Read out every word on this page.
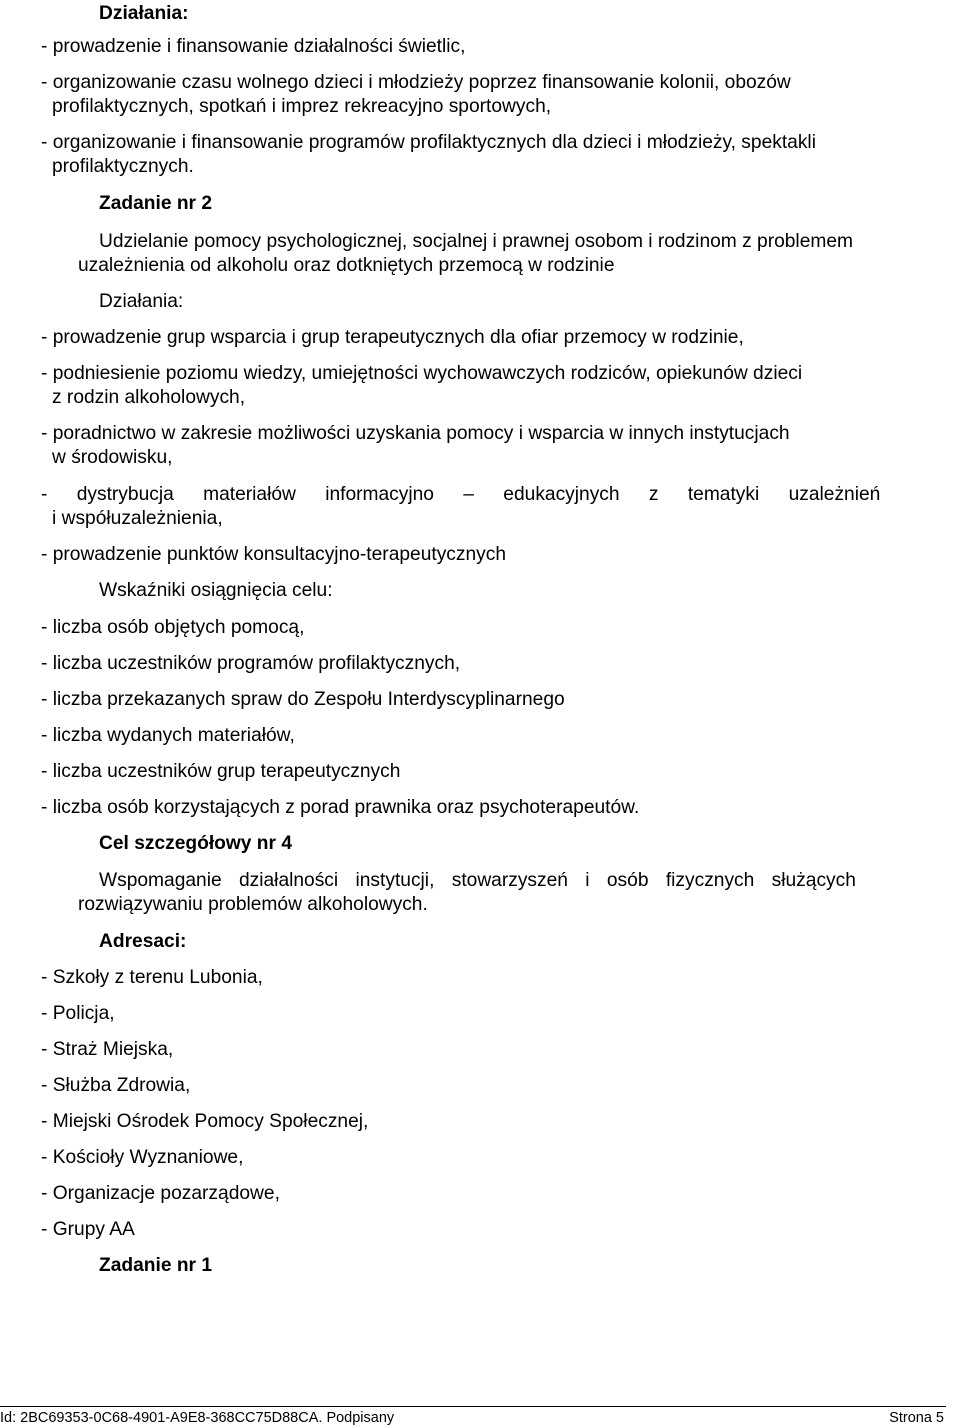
Działania:
- prowadzenie i finansowanie działalności świetlic,
- organizowanie czasu wolnego dzieci i młodzieży poprzez finansowanie kolonii, obozów
profilaktycznych, spotkań i imprez rekreacyjno sportowych,
- organizowanie i finansowanie programów profilaktycznych dla dzieci i młodzieży, spektakli
profilaktycznych.
Zadanie nr 2
Udzielanie pomocy psychologicznej, socjalnej i prawnej osobom i rodzinom z problemem
uzależnienia od alkoholu oraz dotkniętych przemocą w rodzinie
Działania:
- prowadzenie grup wsparcia i grup terapeutycznych dla ofiar przemocy w rodzinie,
- podniesienie poziomu wiedzy, umiejętności wychowawczych rodziców, opiekunów dzieci
z rodzin alkoholowych,
- poradnictwo w zakresie możliwości uzyskania pomocy i wsparcia w innych instytucjach
w środowisku,
- dystrybucja materiałów informacyjno – edukacyjnych z tematyki uzależnień
i współuzależnienia,
- prowadzenie punktów konsultacyjno-terapeutycznych
Wskaźniki osiągnięcia celu:
- liczba osób objętych pomocą,
- liczba uczestników programów profilaktycznych,
- liczba przekazanych spraw do Zespołu Interdyscyplinarnego
- liczba wydanych materiałów,
- liczba uczestników grup terapeutycznych
- liczba osób korzystających z porad prawnika oraz psychoterapeutów.
Cel szczegółowy nr 4
Wspomaganie działalności instytucji, stowarzyszeń i osób fizycznych służących
rozwiązywaniu problemów alkoholowych.
Adresaci:
- Szkoły z terenu Lubonia,
- Policja,
- Straż Miejska,
- Służba Zdrowia,
- Miejski Ośrodek Pomocy Społecznej,
- Kościoły Wyznaniowe,
- Organizacje pozarządowe,
- Grupy AA
Zadanie nr 1
Id: 2BC69353-0C68-4901-A9E8-368CC75D88CA. Podpisany	Strona 5
